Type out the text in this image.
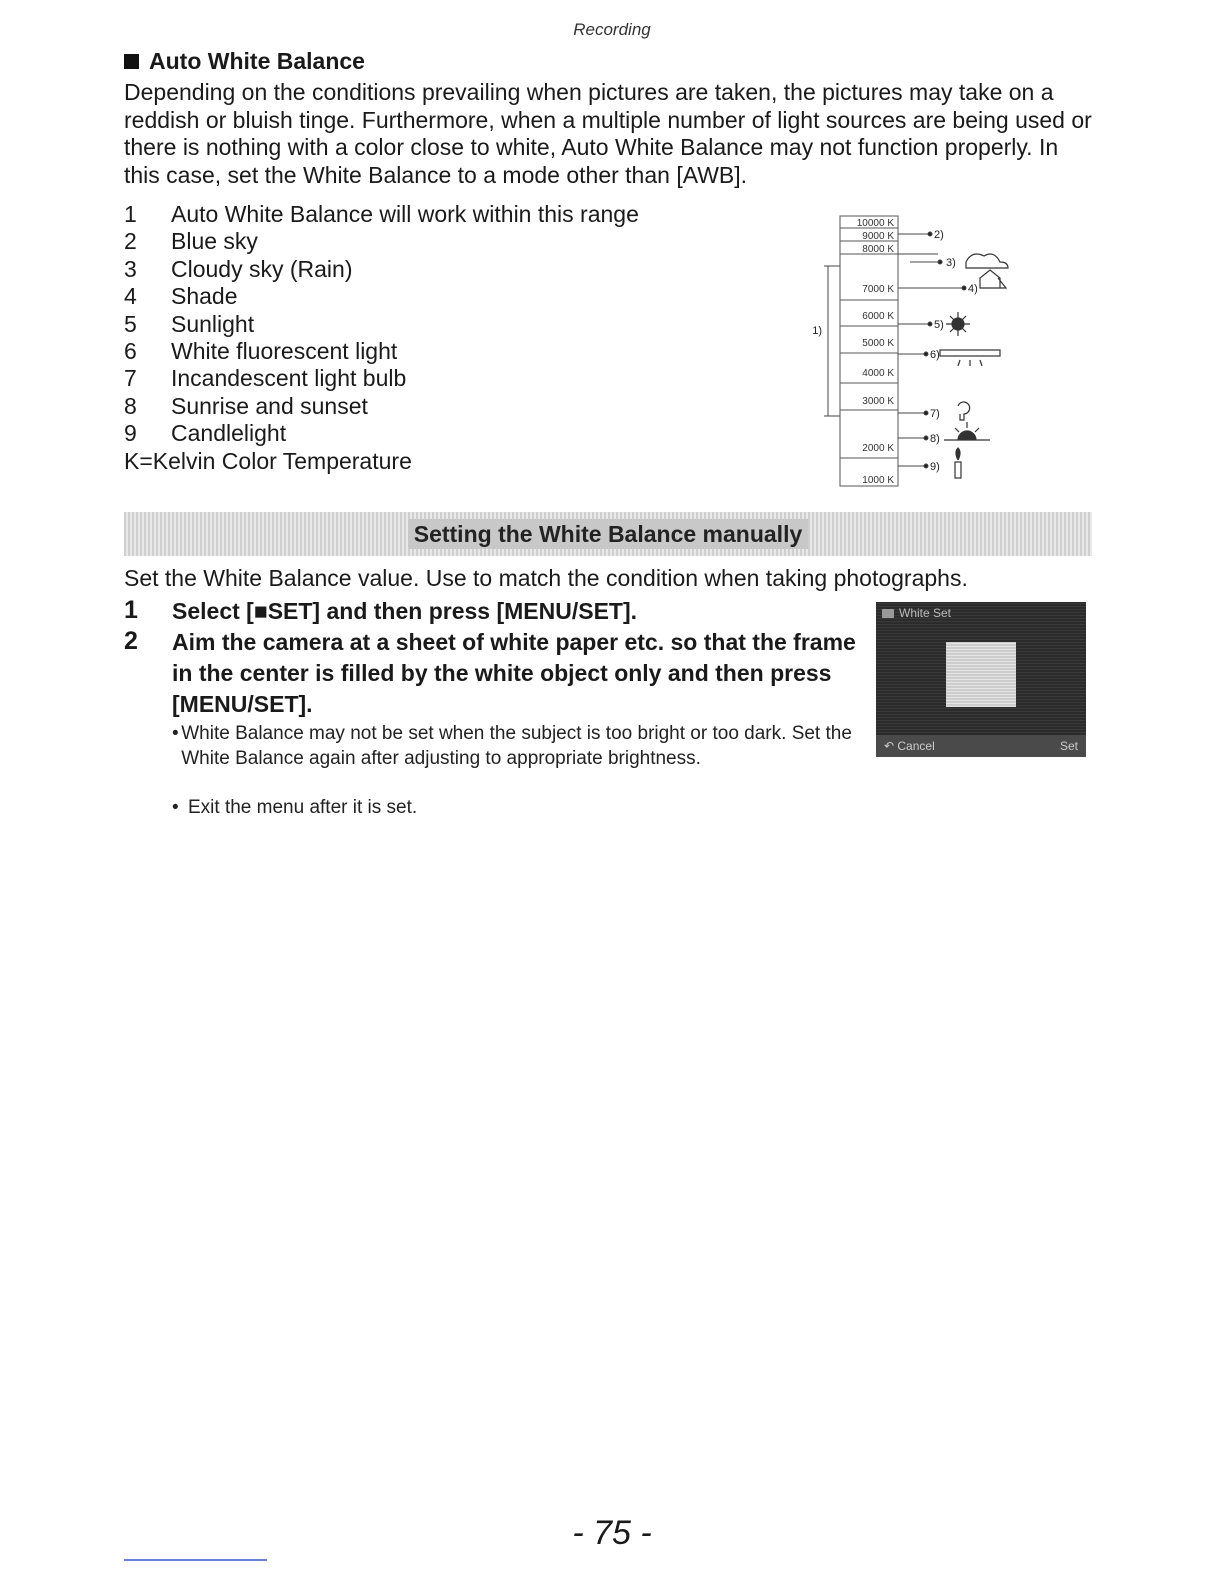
Recording
Auto White Balance
Depending on the conditions prevailing when pictures are taken, the pictures may take on a reddish or bluish tinge. Furthermore, when a multiple number of light sources are being used or there is nothing with a color close to white, Auto White Balance may not function properly. In this case, set the White Balance to a mode other than [AWB].
1	Auto White Balance will work within this range
2	Blue sky
3	Cloudy sky (Rain)
4	Shade
5	Sunlight
6	White fluorescent light
7	Incandescent light bulb
8	Sunrise and sunset
9	Candlelight
K=Kelvin Color Temperature
10000 K
9000 K
8000 K
7000 K
6000 K
5000 K
4000 K
3000 K
2000 K
1000 K
1)
2)
3)
4)
5)
6)
7)
8)
9)
Setting the White Balance manually
Set the White Balance value. Use to match the condition when taking photographs.
1	Select [■SET] and then press [MENU/SET].
2	Aim the camera at a sheet of white paper etc. so that the frame in the center is filled by the white object only and then press [MENU/SET].
• White Balance may not be set when the subject is too bright or too dark. Set the White Balance again after adjusting to appropriate brightness.
• Exit the menu after it is set.
White Set
↶ Cancel	Set
- 75 -
